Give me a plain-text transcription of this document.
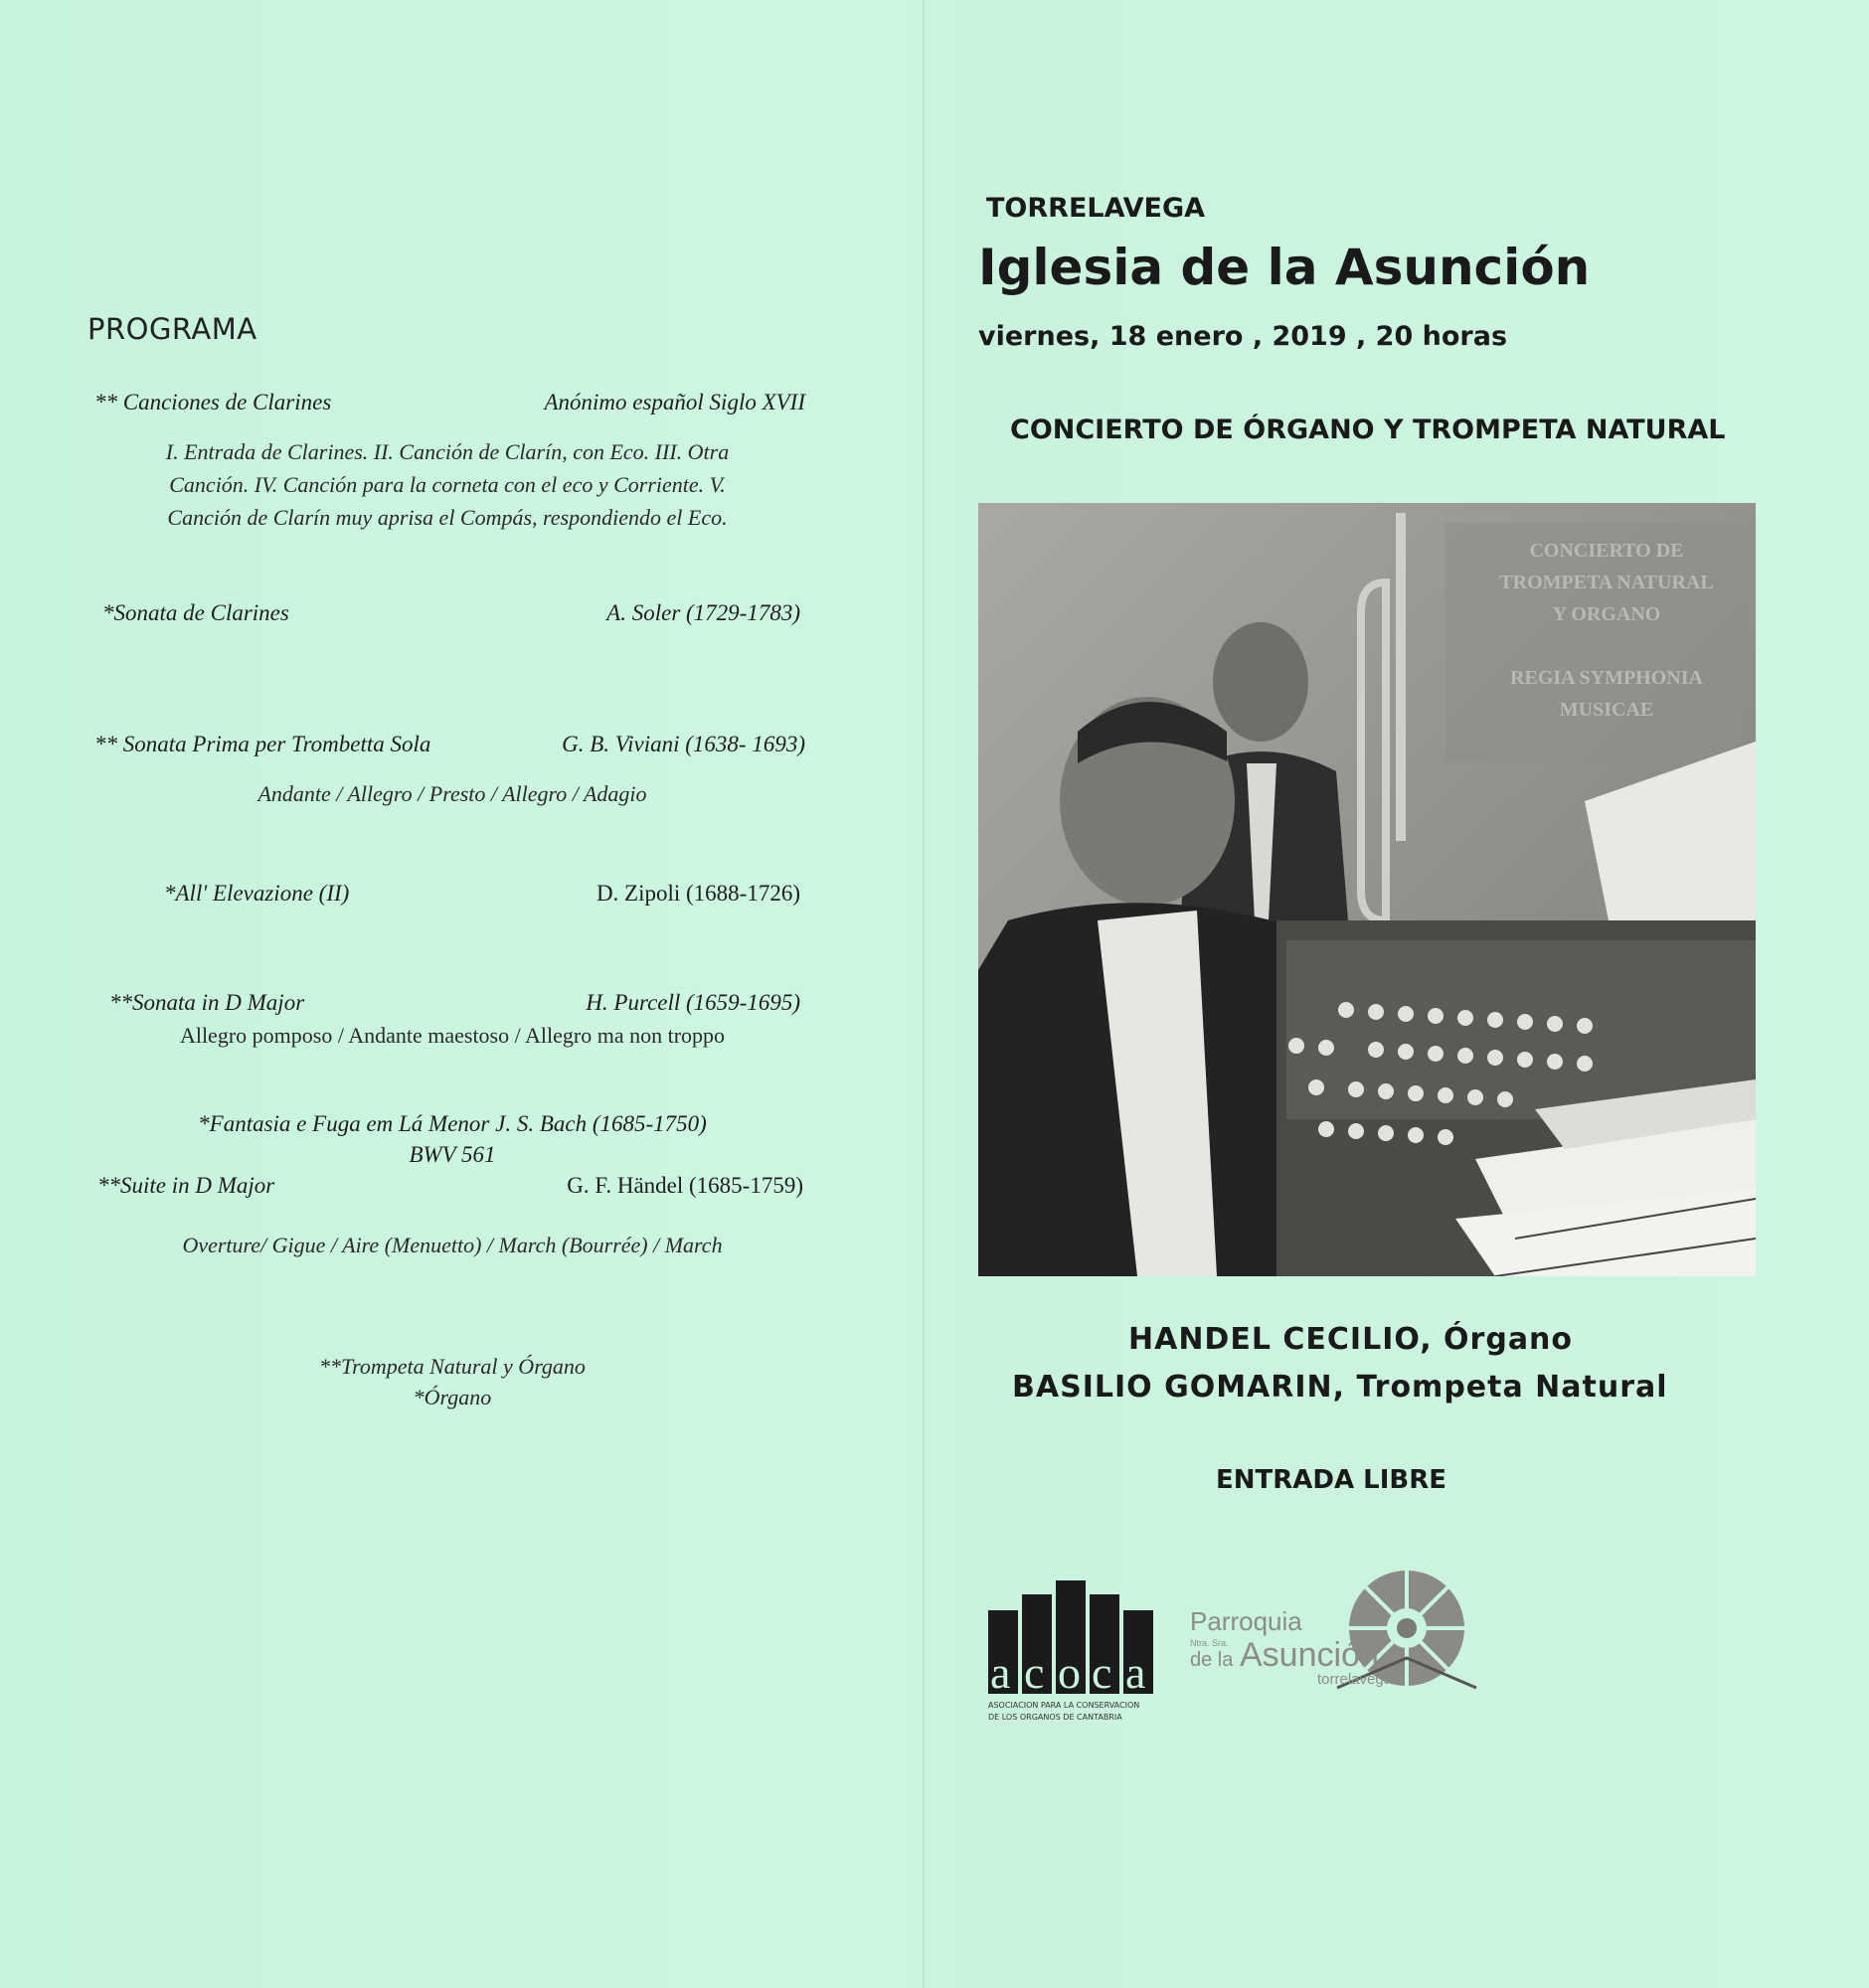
PROGRAMA
** Canciones de Clarines	Anónimo español Siglo XVII
I. Entrada de Clarines. II. Canción de Clarín, con Eco. III. Otra
Canción. IV. Canción para la corneta con el eco y Corriente. V.
Canción de Clarín muy aprisa el Compás, respondiendo el Eco.
*Sonata de Clarines	A. Soler (1729-1783)
** Sonata Prima per Trombetta Sola	G. B. Viviani (1638- 1693)
Andante / Allegro / Presto / Allegro / Adagio
*All' Elevazione (II)	D. Zipoli (1688-1726)
**Sonata in D Major	H. Purcell (1659-1695)
Allegro pomposo / Andante maestoso / Allegro ma non troppo
*Fantasia e Fuga em Lá Menor J. S. Bach (1685-1750)
BWV 561
**Suite in D Major	G. F. Händel (1685-1759)
Overture/ Gigue / Aire (Menuetto) / March (Bourrée) / March
**Trompeta Natural y Órgano
*Órgano
TORRELAVEGA
Iglesia de la Asunción
viernes, 18 enero , 2019 , 20 horas
CONCIERTO DE ÓRGANO Y TROMPETA NATURAL
CONCIERTO DE
TROMPETA NATURAL
Y ORGANO
REGIA SYMPHONIA
MUSICAE
HANDEL CECILIO, Órgano
BASILIO GOMARIN, Trompeta Natural
ENTRADA LIBRE
a c o c a
ASOCIACION PARA LA CONSERVACION
DE LOS ORGANOS DE CANTABRIA
Parroquia
Ntra. Sra.
de la Asunción
torrelavega
